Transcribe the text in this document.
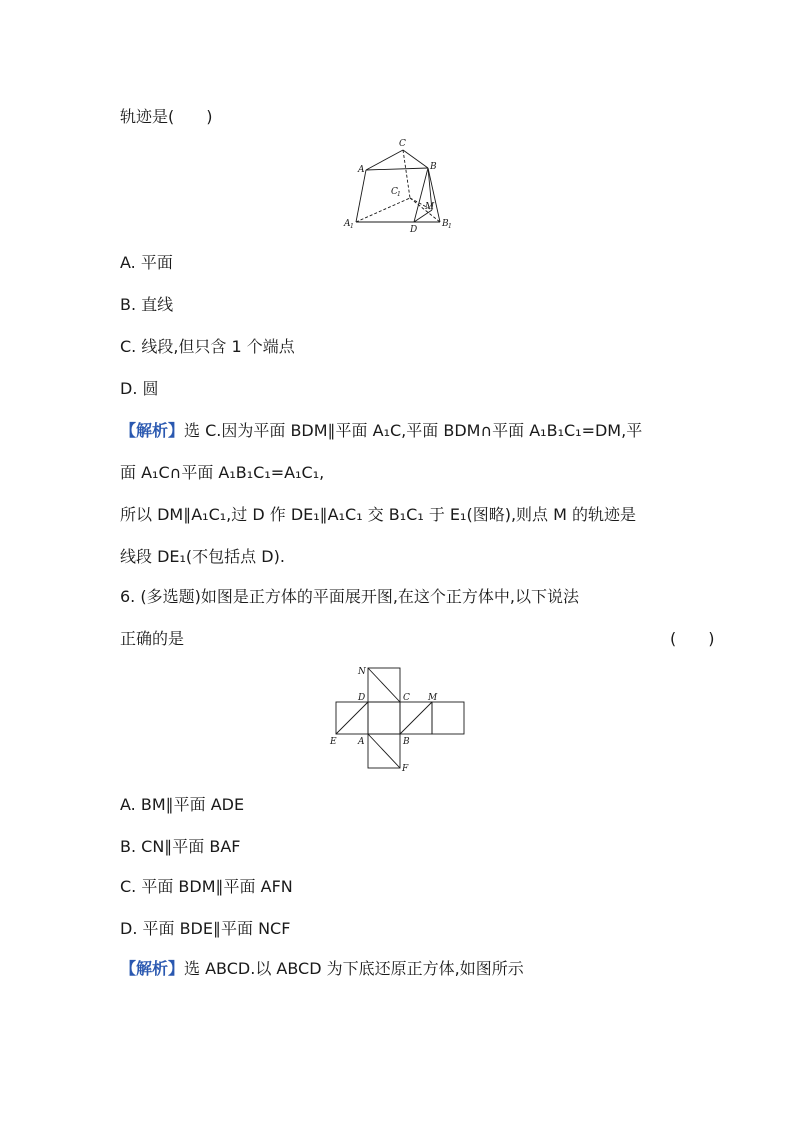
轨迹是(　　)
C
A	B
C 1
M
A 1	D
B 1
A. 平面
B. 直线
C. 线段,但只含 1 个端点
D. 圆
【解析】选 C.因为平面 BDM∥平面 A₁C,平面 BDM∩平面 A₁B₁C₁=DM,平
面 A₁C∩平面 A₁B₁C₁=A₁C₁,
所以 DM∥A₁C₁,过 D 作 DE₁∥A₁C₁ 交 B₁C₁ 于 E₁(图略),则点 M 的轨迹是
线段 DE₁(不包括点 D).
6. (多选题)如图是正方体的平面展开图,在这个正方体中,以下说法
正确的是	(　　)
N
D	C M
E A	B
F
A. BM∥平面 ADE
B. CN∥平面 BAF
C. 平面 BDM∥平面 AFN
D. 平面 BDE∥平面 NCF
【解析】选 ABCD.以 ABCD 为下底还原正方体,如图所示
